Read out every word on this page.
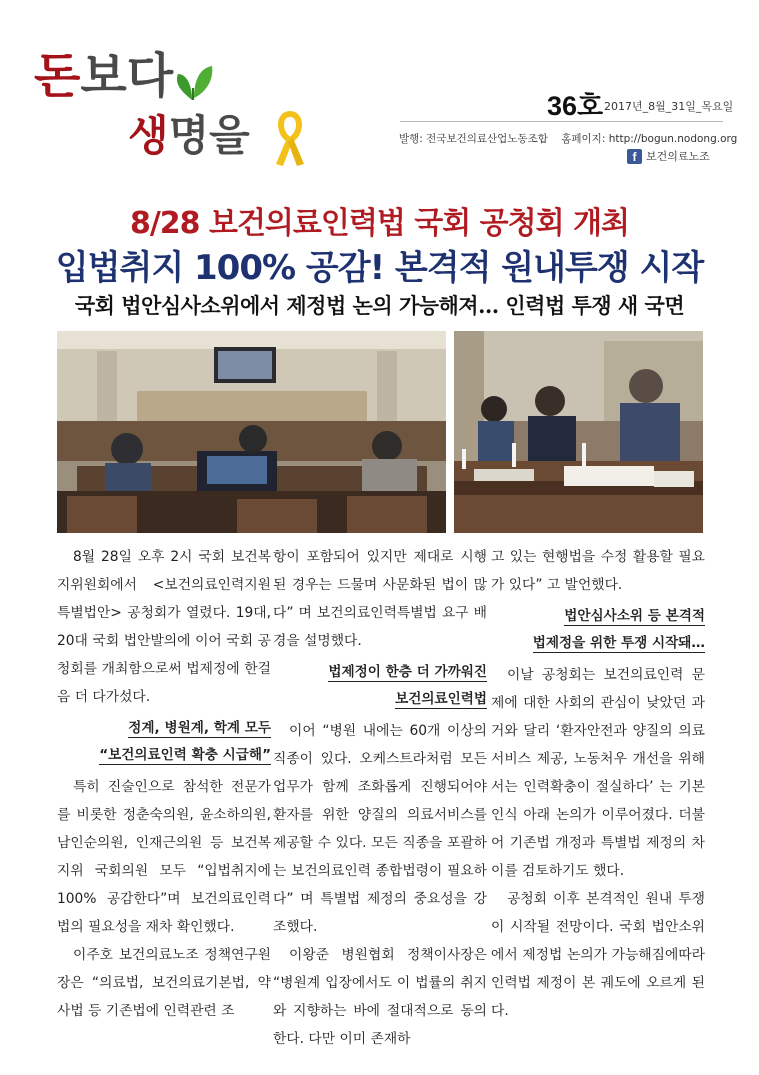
돈보다
생명을
36호 2017년_8월_31일_목요일
발행: 전국보건의료산업노동조합 홈페이지: http://bogun.nodong.org
f 보건의료노조
8/28 보건의료인력법 국회 공청회 개최
입법취지 100% 공감! 본격적 원내투쟁 시작
국회 법안심사소위에서 제정법 논의 가능해져… 인력법 투쟁 새 국면

8월 28일 오후 2시 국회 보건복지위원회에서 <보건의료인력지원특별법안> 공청회가 열렸다. 19대, 20대 국회 법안발의에 이어 국회 공청회를 개최함으로써 법제정에 한걸음 더 다가섰다.

정계, 병원계, 학계 모두
“보건의료인력 확충 시급해”

특히 진술인으로 참석한 전문가를 비롯한 정춘숙의원, 윤소하의원, 남인순의원, 인재근의원 등 보건복지위 국회의원 모두 “입법취지에 100% 공감한다”며 보건의료인력법의 필요성을 재차 확인했다.

이주호 보건의료노조 정책연구원장은 “의료법, 보건의료기본법, 약사법 등 기존법에 인력관련 조

항이 포함되어 있지만 제대로 시행된 경우는 드물며 사문화된 법이 많다” 며 보건의료인력특별법 요구 배경을 설명했다.

법제정이 한층 더 가까워진
보건의료인력법

이어 “병원 내에는 60개 이상의 직종이 있다. 오케스트라처럼 모든 업무가 함께 조화롭게 진행되어야 환자를 위한 양질의 의료서비스를 제공할 수 있다. 모든 직종을 포괄하는 보건의료인력 종합법령이 필요하다” 며 특별법 제정의 중요성을 강조했다.

이왕준 병원협회 정책이사장은 “병원계 입장에서도 이 법률의 취지와 지향하는 바에 절대적으로 동의한다. 다만 이미 존재하

고 있는 현행법을 수정 활용할 필요가 있다” 고 발언했다.

법안심사소위 등 본격적
법제정을 위한 투쟁 시작돼…

이날 공청회는 보건의료인력 문제에 대한 사회의 관심이 낮았던 과거와 달리 ‘환자안전과 양질의 의료서비스 제공, 노동처우 개선을 위해서는 인력확충이 절실하다’ 는 기본 인식 아래 논의가 이루어졌다. 더불어 기존법 개정과 특별법 제정의 차이를 검토하기도 했다.

공청회 이후 본격적인 원내 투쟁이 시작될 전망이다. 국회 법안소위에서 제정법 논의가 가능해짐에따라 인력법 제정이 본 궤도에 오르게 된다.
